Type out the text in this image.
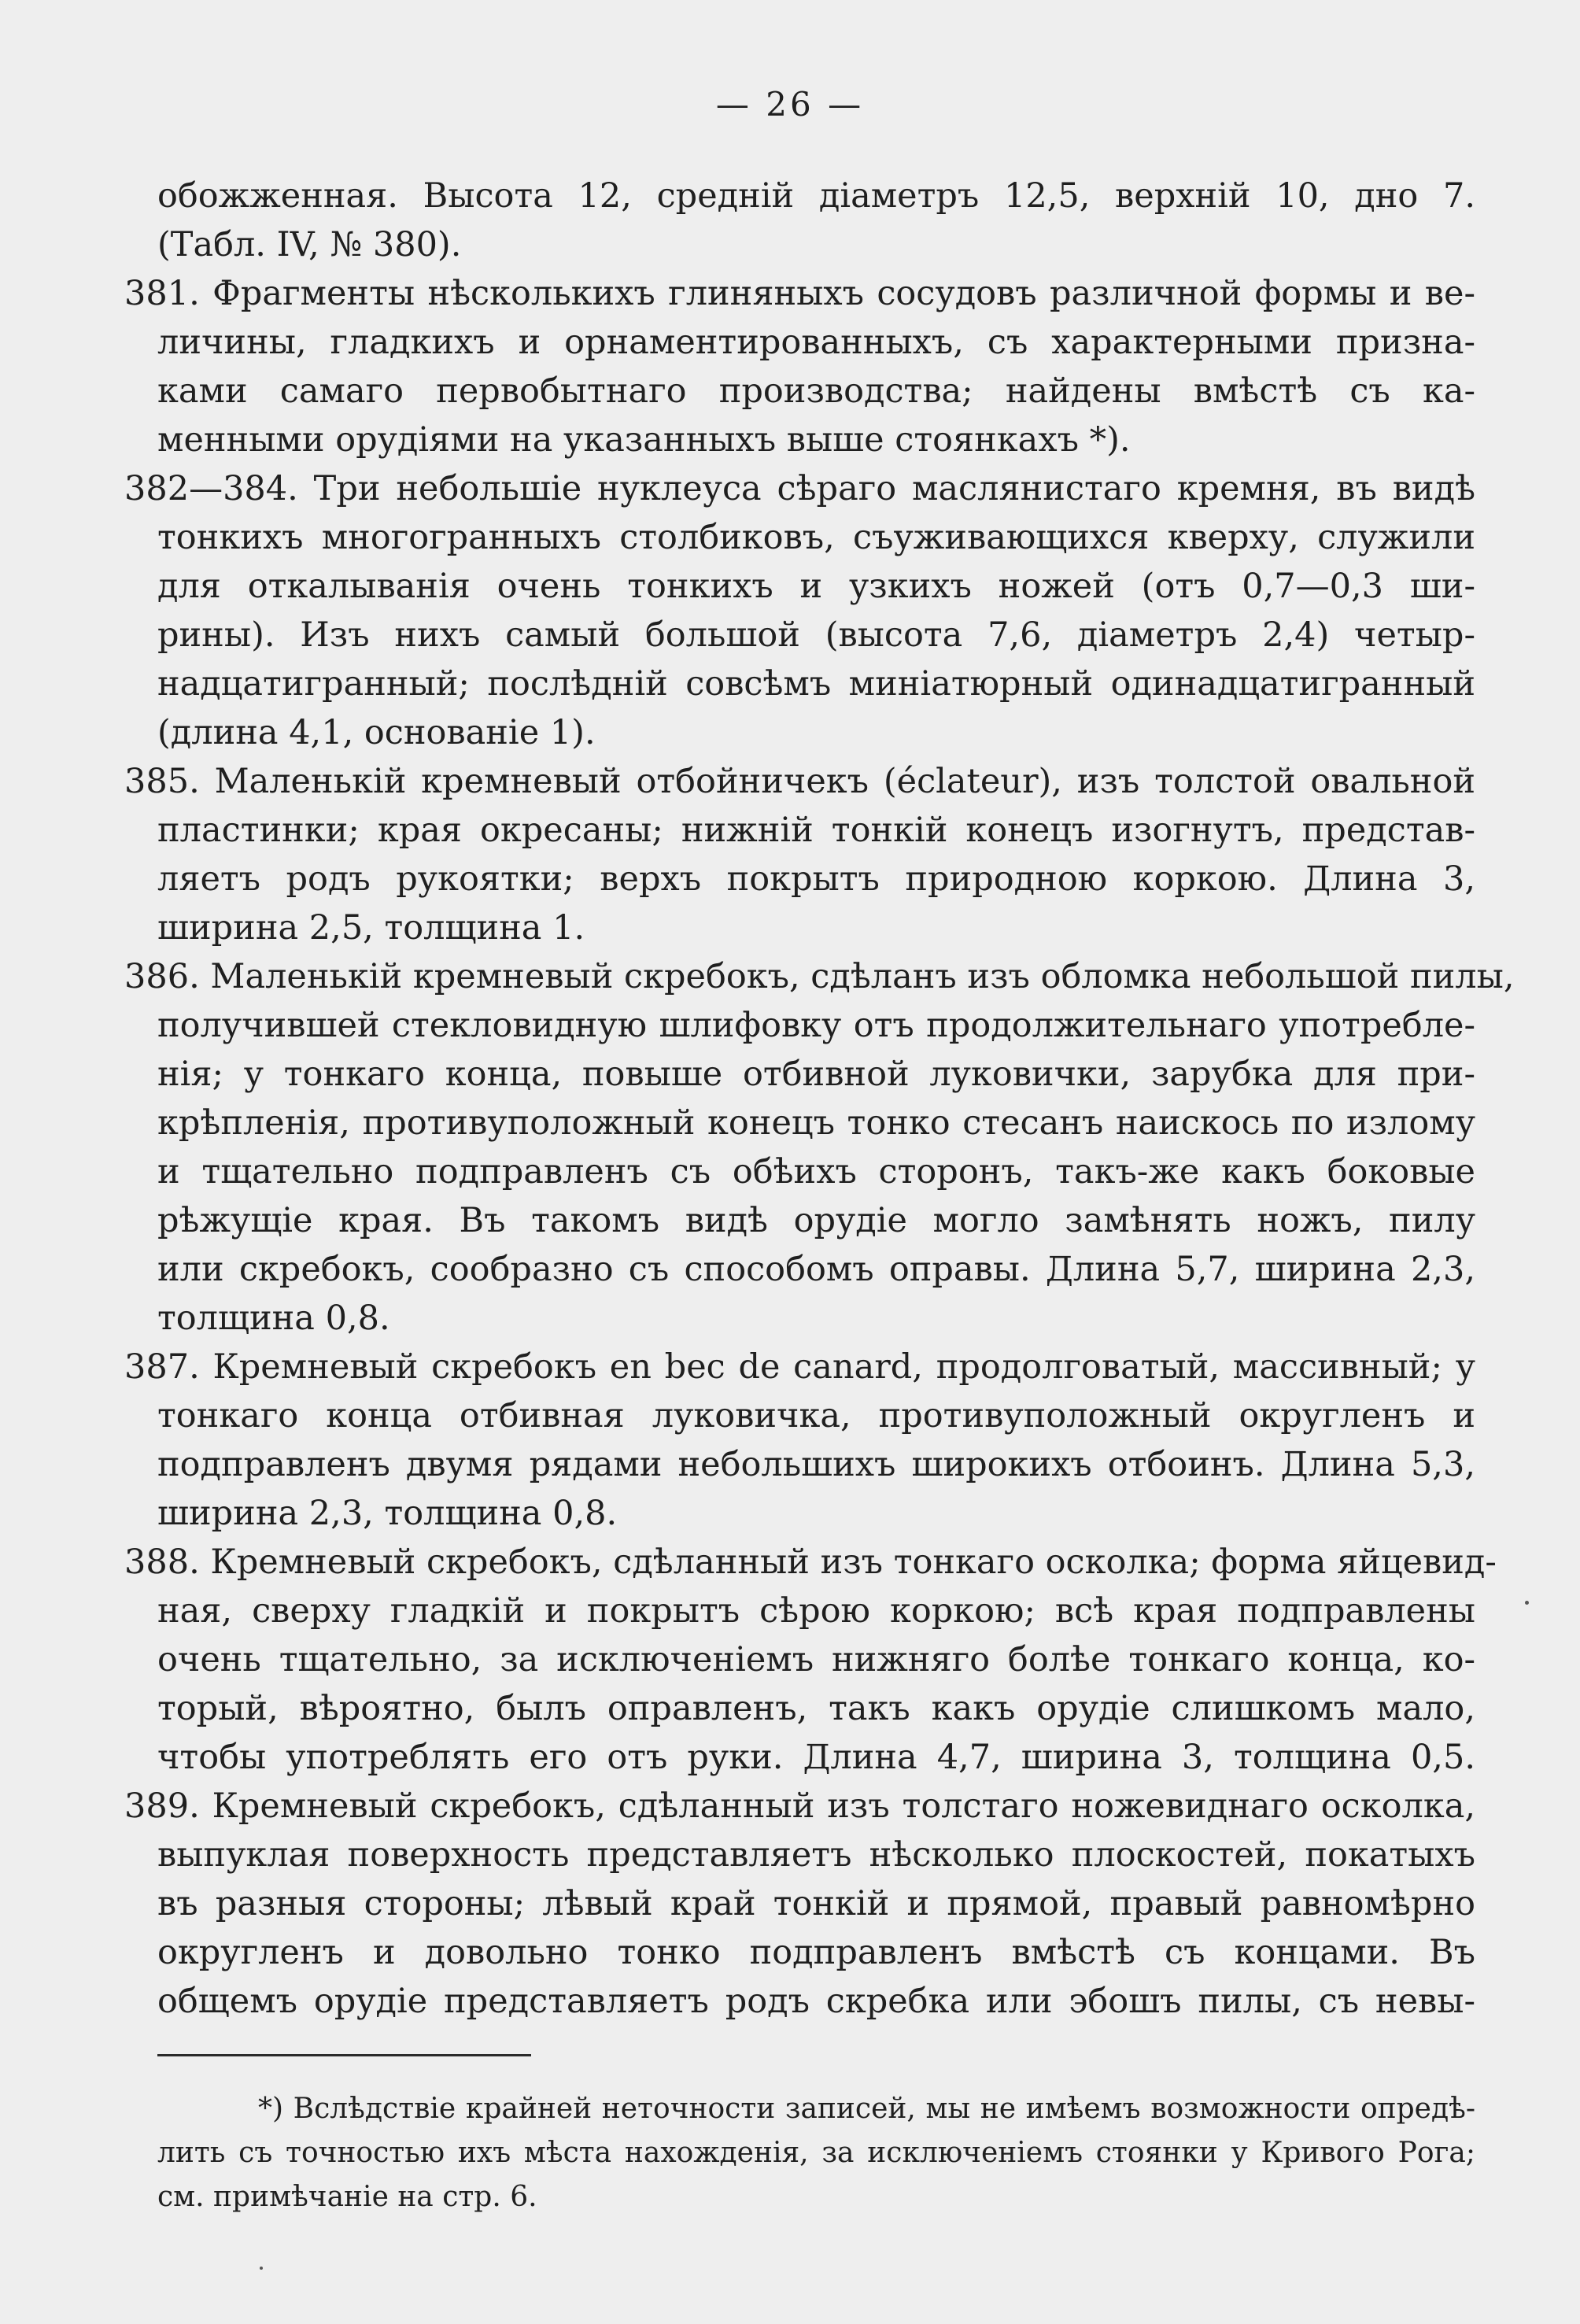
— 26 —
обожженная. Высота 12, средній діаметръ 12,5, верхній 10, дно 7.
(Табл. IV, № 380).
381. Фрагменты нѣсколькихъ глиняныхъ сосудовъ различной формы и ве-
личины, гладкихъ и орнаментированныхъ, съ характерными призна-
ками самаго первобытнаго производства; найдены вмѣстѣ съ ка-
менными орудіями на указанныхъ выше стоянкахъ *).
382—384. Три небольшіе нуклеуса сѣраго маслянистаго кремня, въ видѣ
тонкихъ многогранныхъ столбиковъ, съуживающихся кверху, служили
для откалыванія очень тонкихъ и узкихъ ножей (отъ 0,7—0,3 ши-
рины). Изъ нихъ самый большой (высота 7,6, діаметръ 2,4) четыр-
надцатигранный; послѣдній совсѣмъ миніатюрный одинадцатигранный
(длина 4,1, основаніе 1).
385. Маленькій кремневый отбойничекъ (éclateur), изъ толстой овальной
пластинки; края окресаны; нижній тонкій конецъ изогнутъ, представ-
ляетъ родъ рукоятки; верхъ покрытъ природною коркою. Длина 3,
ширина 2,5, толщина 1.
386. Маленькій кремневый скребокъ, сдѣланъ изъ обломка небольшой пилы,
получившей стекловидную шлифовку отъ продолжительнаго употребле-
нія; у тонкаго конца, повыше отбивной луковички, зарубка для при-
крѣпленія, противуположный конецъ тонко стесанъ наискось по излому
и тщательно подправленъ съ обѣихъ сторонъ, такъ-же какъ боковые
рѣжущіе края. Въ такомъ видѣ орудіе могло замѣнять ножъ, пилу
или скребокъ, сообразно съ способомъ оправы. Длина 5,7, ширина 2,3,
толщина 0,8.
387. Кремневый скребокъ en bec de canard, продолговатый, массивный; у
тонкаго конца отбивная луковичка, противуположный округленъ и
подправленъ двумя рядами небольшихъ широкихъ отбоинъ. Длина 5,3,
ширина 2,3, толщина 0,8.
388. Кремневый скребокъ, сдѣланный изъ тонкаго осколка; форма яйцевид-
ная, сверху гладкій и покрытъ сѣрою коркою; всѣ края подправлены
очень тщательно, за исключеніемъ нижняго болѣе тонкаго конца, ко-
торый, вѣроятно, былъ оправленъ, такъ какъ орудіе слишкомъ мало,
чтобы употреблять его отъ руки. Длина 4,7, ширина 3, толщина 0,5.
389. Кремневый скребокъ, сдѣланный изъ толстаго ножевиднаго осколка,
выпуклая поверхность представляетъ нѣсколько плоскостей, покатыхъ
въ разныя стороны; лѣвый край тонкій и прямой, правый равномѣрно
округленъ и довольно тонко подправленъ вмѣстѣ съ концами. Въ
общемъ орудіе представляетъ родъ скребка или эбошъ пилы, съ невы-
*) Вслѣдствіе крайней неточности записей, мы не имѣемъ возможности опредѣ-
лить съ точностью ихъ мѣста нахожденія, за исключеніемъ стоянки у Кривого Рога;
см. примѣчаніе на стр. 6.
